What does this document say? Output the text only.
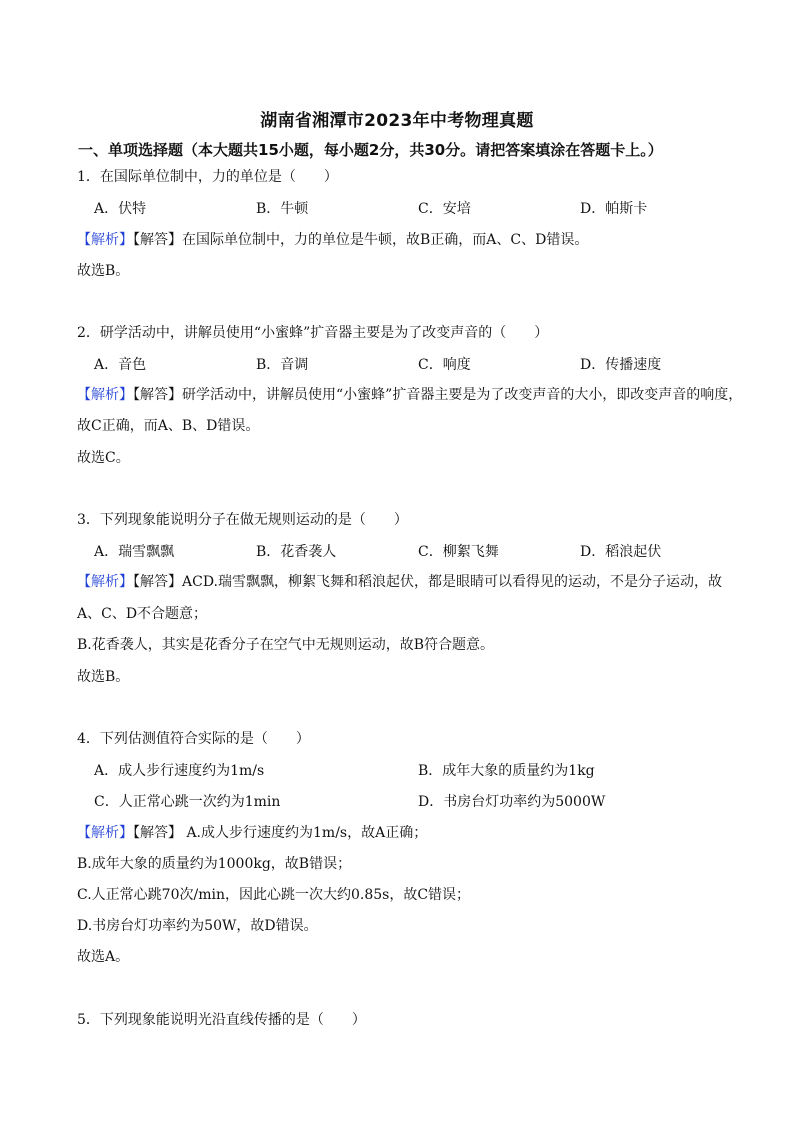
湖南省湘潭市2023年中考物理真题
一、单项选择题（本大题共15小题，每小题2分，共30分。请把答案填涂在答题卡上。）
1．在国际单位制中，力的单位是（　　）
A．伏特	B．牛顿	C．安培	D．帕斯卡
【解析】【解答】在国际单位制中，力的单位是牛顿，故B正确，而A、C、D错误。
故选B。
2．研学活动中，讲解员使用“小蜜蜂”扩音器主要是为了改变声音的（　　）
A．音色	B．音调	C．响度	D．传播速度
【解析】【解答】研学活动中，讲解员使用“小蜜蜂”扩音器主要是为了改变声音的大小，即改变声音的响度，
故C正确，而A、B、D错误。
故选C。
3．下列现象能说明分子在做无规则运动的是（　　）
A．瑞雪飘飘	B．花香袭人	C．柳絮飞舞	D．稻浪起伏
【解析】【解答】ACD.瑞雪飘飘，柳絮飞舞和稻浪起伏，都是眼睛可以看得见的运动，不是分子运动，故
A、C、D不合题意；
B.花香袭人，其实是花香分子在空气中无规则运动，故B符合题意。
故选B。
4．下列估测值符合实际的是（　　）
A．成人步行速度约为1m/s	B．成年大象的质量约为1kg
C．人正常心跳一次约为1min	D．书房台灯功率约为5000W
【解析】【解答】 A.成人步行速度约为1m/s，故A正确；
B.成年大象的质量约为1000kg，故B错误；
C.人正常心跳70次/min，因此心跳一次大约0.85s，故C错误；
D.书房台灯功率约为50W，故D错误。
故选A。
5．下列现象能说明光沿直线传播的是（　　）
